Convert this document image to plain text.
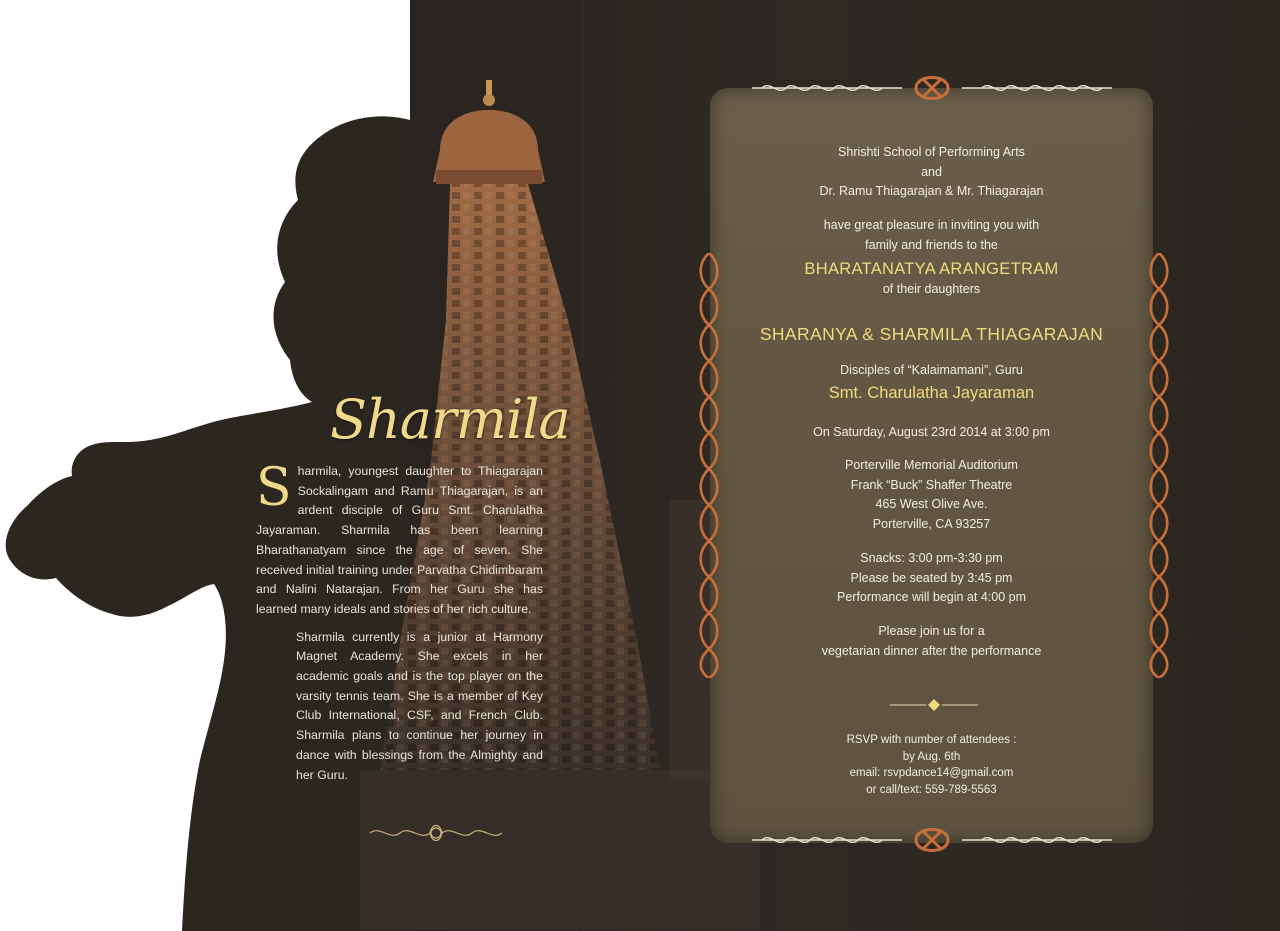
Sharmila

Sharmila, youngest daughter to Thiagarajan Sockalingam and Ramu Thiagarajan, is an ardent disciple of Guru Smt. Charulatha Jayaraman. Sharmila has been learning Bharathanatyam since the age of seven. She received initial training under Parvatha Chidimbaram and Nalini Natarajan. From her Guru she has learned many ideals and stories of her rich culture.

Sharmila currently is a junior at Harmony Magnet Academy. She excels in her academic goals and is the top player on the varsity tennis team. She is a member of Key Club International, CSF, and French Club. Sharmila plans to continue her journey in dance with blessings from the Almighty and her Guru.

Shrishti School of Performing Arts
and
Dr. Ramu Thiagarajan & Mr. Thiagarajan
have great pleasure in inviting you with
family and friends to the
BHARATANATYA ARANGETRAM
of their daughters
SHARANYA & SHARMILA THIAGARAJAN
Disciples of “Kalaimamani”, Guru
Smt. Charulatha Jayaraman
On Saturday, August 23rd 2014 at 3:00 pm
Porterville Memorial Auditorium
Frank “Buck” Shaffer Theatre
465 West Olive Ave.
Porterville, CA 93257
Snacks: 3:00 pm-3:30 pm
Please be seated by 3:45 pm
Performance will begin at 4:00 pm
Please join us for a
vegetarian dinner after the performance
RSVP with number of attendees :
by Aug. 6th
email: rsvpdance14@gmail.com
or call/text: 559-789-5563
